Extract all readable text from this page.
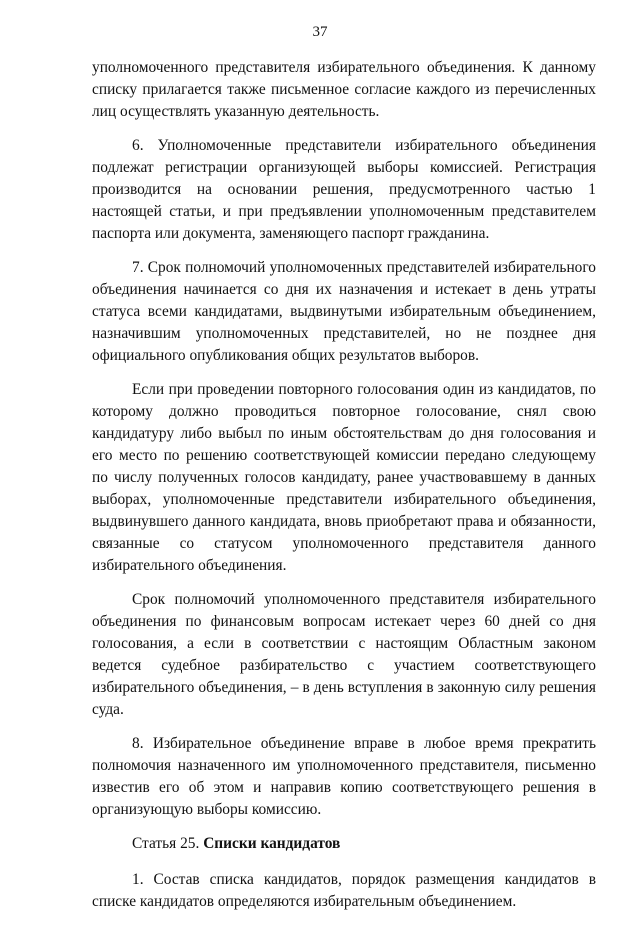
37

уполномоченного представителя избирательного объединения. К данному списку прилагается также письменное согласие каждого из перечисленных лиц осуществлять указанную деятельность.

6. Уполномоченные представители избирательного объединения подлежат регистрации организующей выборы комиссией. Регистрация производится на основании решения, предусмотренного частью 1 настоящей статьи, и при предъявлении уполномоченным представителем паспорта или документа, заменяющего паспорт гражданина.

7. Срок полномочий уполномоченных представителей избирательного объединения начинается со дня их назначения и истекает в день утраты статуса всеми кандидатами, выдвинутыми избирательным объединением, назначившим уполномоченных представителей, но не позднее дня официального опубликования общих результатов выборов.

Если при проведении повторного голосования один из кандидатов, по которому должно проводиться повторное голосование, снял свою кандидатуру либо выбыл по иным обстоятельствам до дня голосования и его место по решению соответствующей комиссии передано следующему по числу полученных голосов кандидату, ранее участвовавшему в данных выборах, уполномоченные представители избирательного объединения, выдвинувшего данного кандидата, вновь приобретают права и обязанности, связанные со статусом уполномоченного представителя данного избирательного объединения.

Срок полномочий уполномоченного представителя избирательного объединения по финансовым вопросам истекает через 60 дней со дня голосования, а если в соответствии с настоящим Областным законом ведется судебное разбирательство с участием соответствующего избирательного объединения, – в день вступления в законную силу решения суда.

8. Избирательное объединение вправе в любое время прекратить полномочия назначенного им уполномоченного представителя, письменно известив его об этом и направив копию соответствующего решения в организующую выборы комиссию.

Статья 25. Списки кандидатов

1. Состав списка кандидатов, порядок размещения кандидатов в списке кандидатов определяются избирательным объединением.
